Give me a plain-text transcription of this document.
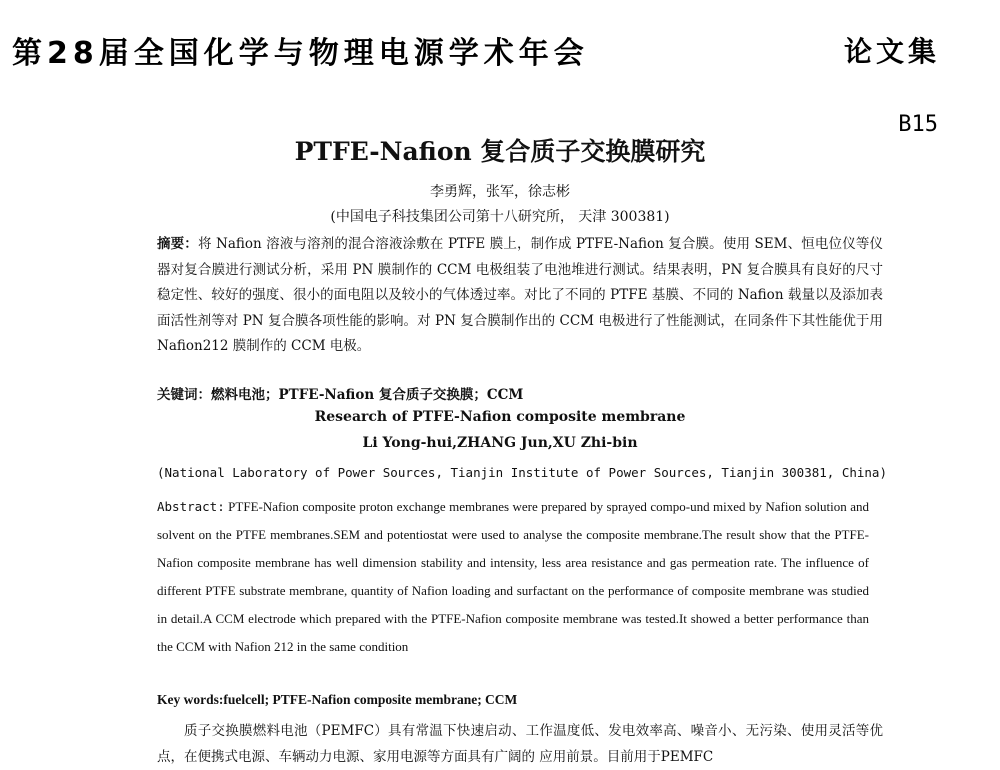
第28届全国化学与物理电源学术年会	论文集
B15
PTFE-Nafion 复合质子交换膜研究
李勇辉，张军，徐志彬
(中国电子科技集团公司第十八研究所， 天津 300381)
摘要：将 Nafion 溶液与溶剂的混合溶液涂敷在 PTFE 膜上，制作成 PTFE-Nafion 复合膜。使用 SEM、恒电位仪等仪器对复合膜进行测试分析，采用 PN 膜制作的 CCM 电极组装了电池堆进行测试。结果表明，PN 复合膜具有良好的尺寸稳定性、较好的强度、很小的面电阻以及较小的气体透过率。对比了不同的 PTFE 基膜、不同的 Nafion 载量以及添加表面活性剂等对 PN 复合膜各项性能的影响。对 PN 复合膜制作出的 CCM 电极进行了性能测试，在同条件下其性能优于用 Nafion212 膜制作的 CCM 电极。
关键词：燃料电池；PTFE-Nafion 复合质子交换膜；CCM
Research of PTFE-Nafion composite membrane
Li Yong-hui,ZHANG Jun,XU Zhi-bin
(National Laboratory of Power Sources, Tianjin Institute of Power Sources, Tianjin 300381, China)
Abstract: PTFE-Nafion composite proton exchange membranes were prepared by sprayed compo-und mixed by Nafion solution and solvent on the PTFE membranes.SEM and potentiostat were used to analyse the composite membrane.The result show that the PTFE-Nafion composite membrane has well dimension stability and intensity, less area resistance and gas permeation rate. The influence of different PTFE substrate membrane, quantity of Nafion loading and surfactant on the performance of composite membrane was studied in detail.A CCM electrode which prepared with the PTFE-Nafion composite membrane was tested.It showed a better performance than the CCM with Nafion 212 in the same condition
Key words:fuelcell; PTFE-Nafion composite membrane; CCM
质子交换膜燃料电池（PEMFC）具有常温下快速启动、工作温度低、发电效率高、噪音小、无污染、使用灵活等优点，在便携式电源、车辆动力电源、家用电源等方面具有广阔的 应用前景。目前用于PEMFC
